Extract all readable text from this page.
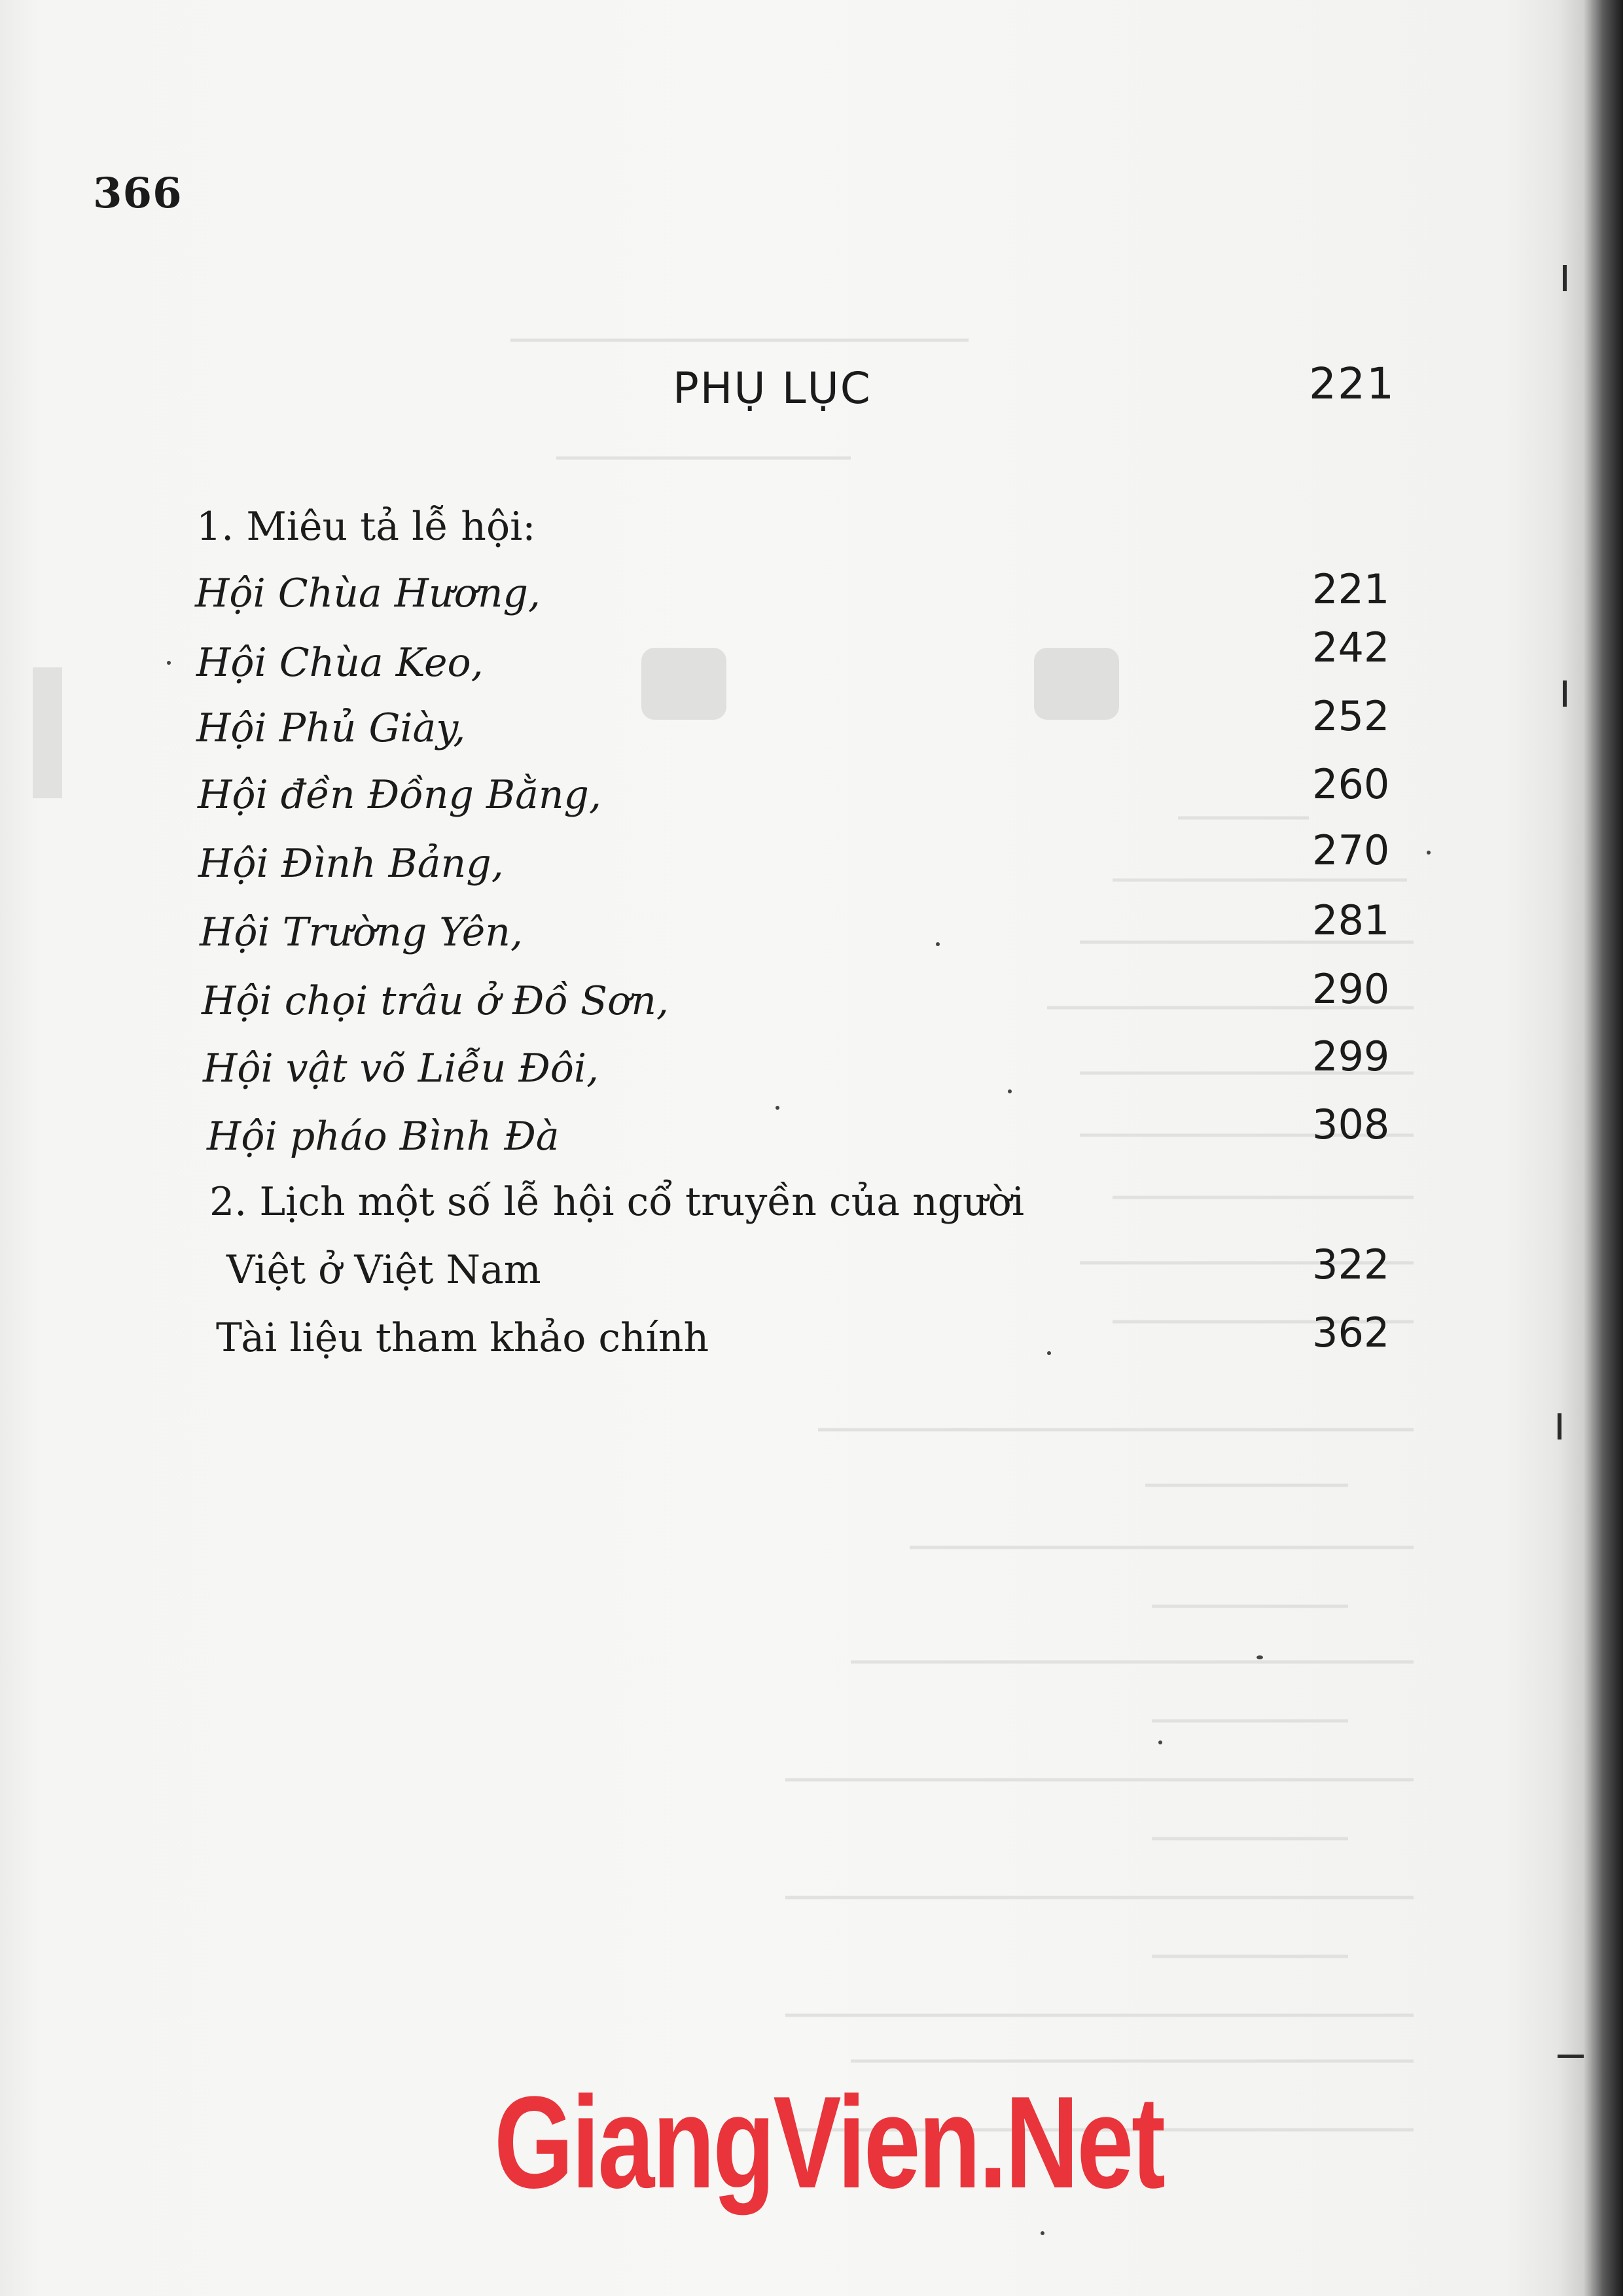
366
PHỤ LỤC	221
1. Miêu tả lễ hội:
Hội Chùa Hương,	221
Hội Chùa Keo,	242
Hội Phủ Giày,	252
Hội đền Đồng Bằng,	260
Hội Đình Bảng,	270
Hội Trường Yên,	281
Hội chọi trâu ở Đồ Sơn,	290
Hội vật võ Liễu Đôi,	299
Hội pháo Bình Đà	308
2. Lịch một số lễ hội cổ truyền của người
Việt ở Việt Nam	322
Tài liệu tham khảo chính	362
GiangVien.Net
